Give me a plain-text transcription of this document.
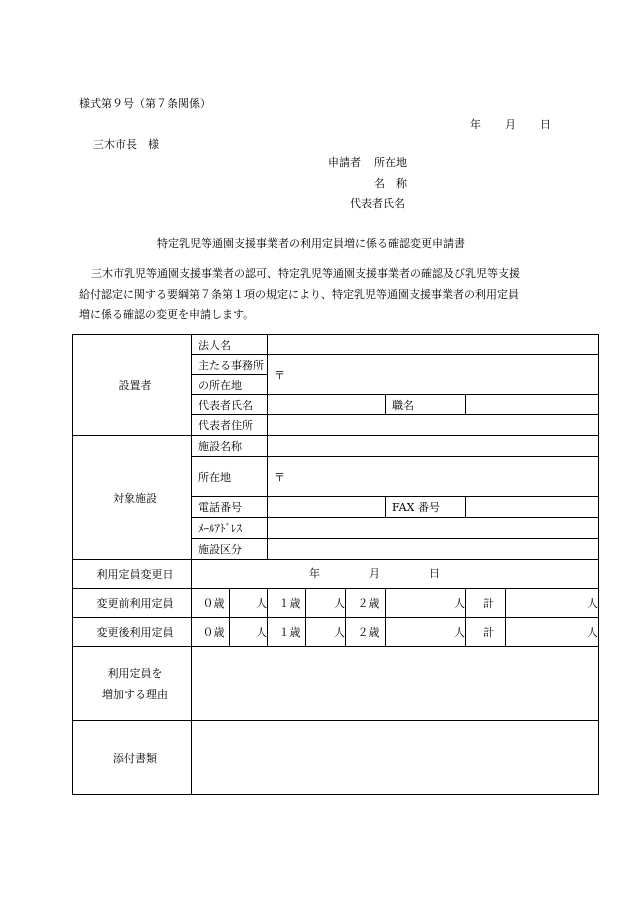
様式第９号（第７条関係）
年 月 日
三木市長　様
申請者 所在地
名　称
代表者氏名
特定乳児等通園支援事業者の利用定員増に係る確認変更申請書
三木市乳児等通園支援事業者の認可、特定乳児等通園支援事業者の確認及び乳児等支援
給付認定に関する要綱第７条第１項の規定により、特定乳児等通園支援事業者の利用定員
増に係る確認の変更を申請します。
設置者	法人名							
	主たる事務所		〒					
	の所在地							
	代表者氏名					職名		
	代表者住所							
対象施設	施設名称							
	所在地		〒					
	電話番号					FAX 番号		
	ﾒｰﾙｱﾄﾞﾚｽ							
	施設区分							
利用定員変更日	年 月 日							

変更前利用定員	０歳	人	１歳	人	２歳	人	計	人
変更後利用定員	０歳	人	１歳	人	２歳	人	計	人

利用定員を
増加する理由								

添付書類								
